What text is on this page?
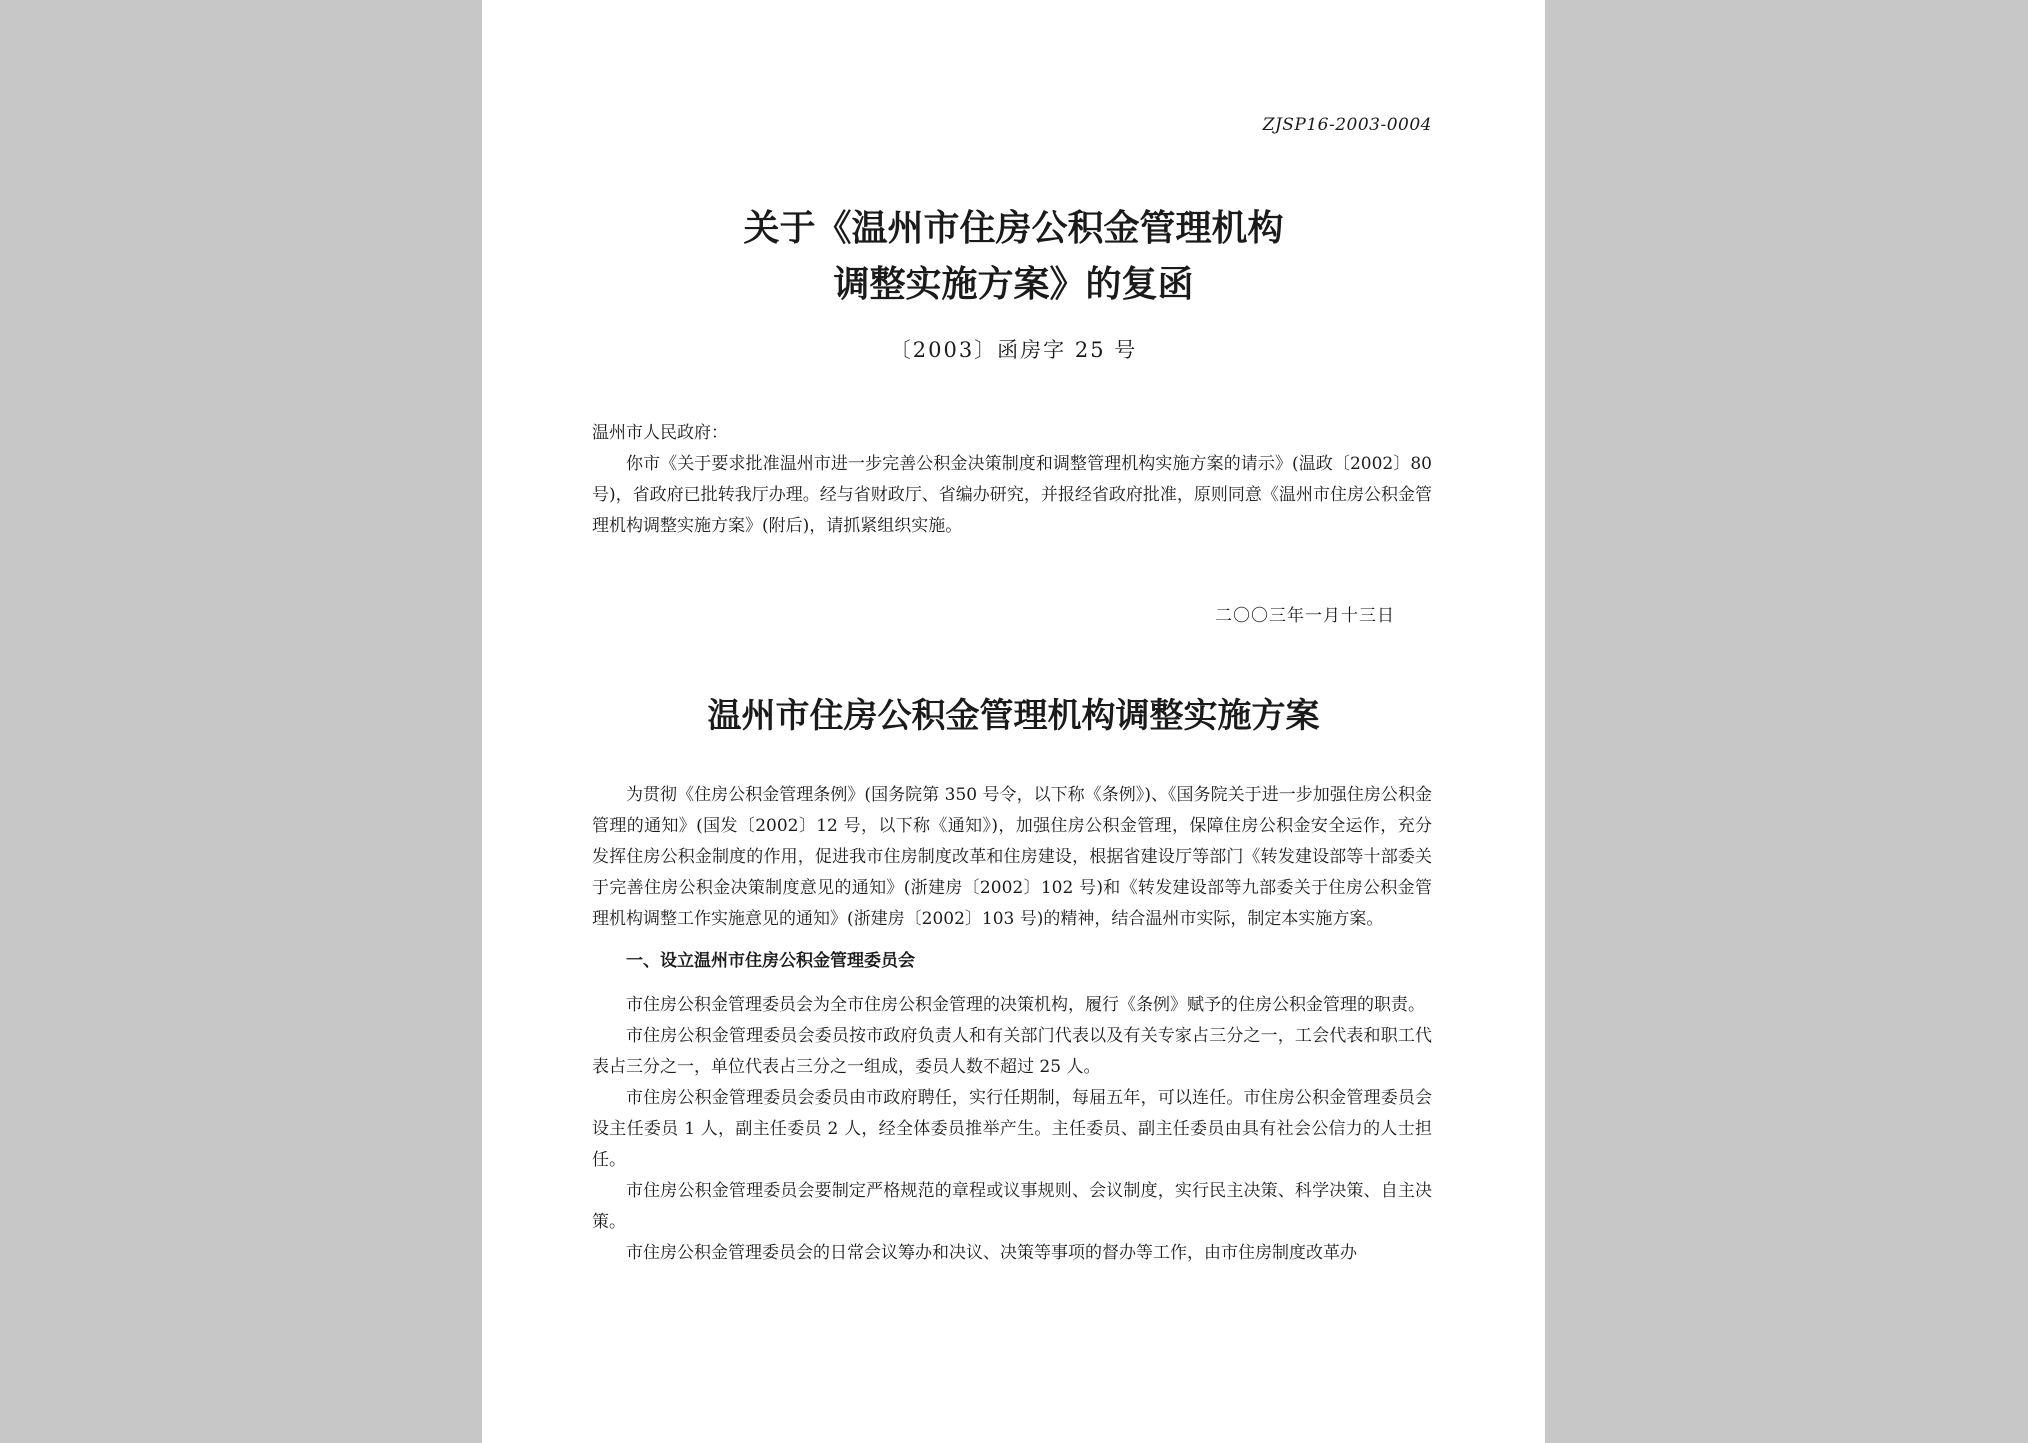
ZJSP16-2003-0004

关于《温州市住房公积金管理机构
调整实施方案》的复函

〔2003〕函房字 25 号

温州市人民政府：

你市《关于要求批准温州市进一步完善公积金决策制度和调整管理机构实施方案的请示》(温政〔2002〕80 号)，省政府已批转我厅办理。经与省财政厅、省编办研究，并报经省政府批准，原则同意《温州市住房公积金管理机构调整实施方案》(附后)，请抓紧组织实施。

二〇〇三年一月十三日

温州市住房公积金管理机构调整实施方案

为贯彻《住房公积金管理条例》(国务院第 350 号令，以下称《条例》)、《国务院关于进一步加强住房公积金管理的通知》(国发〔2002〕12 号，以下称《通知》)，加强住房公积金管理，保障住房公积金安全运作，充分发挥住房公积金制度的作用，促进我市住房制度改革和住房建设，根据省建设厅等部门《转发建设部等十部委关于完善住房公积金决策制度意见的通知》(浙建房〔2002〕102 号)和《转发建设部等九部委关于住房公积金管理机构调整工作实施意见的通知》(浙建房〔2002〕103 号)的精神，结合温州市实际，制定本实施方案。

一、设立温州市住房公积金管理委员会

市住房公积金管理委员会为全市住房公积金管理的决策机构，履行《条例》赋予的住房公积金管理的职责。

市住房公积金管理委员会委员按市政府负责人和有关部门代表以及有关专家占三分之一，工会代表和职工代表占三分之一，单位代表占三分之一组成，委员人数不超过 25 人。

市住房公积金管理委员会委员由市政府聘任，实行任期制，每届五年，可以连任。市住房公积金管理委员会设主任委员 1 人，副主任委员 2 人，经全体委员推举产生。主任委员、副主任委员由具有社会公信力的人士担任。

市住房公积金管理委员会要制定严格规范的章程或议事规则、会议制度，实行民主决策、科学决策、自主决策。

市住房公积金管理委员会的日常会议筹办和决议、决策等事项的督办等工作，由市住房制度改革办
